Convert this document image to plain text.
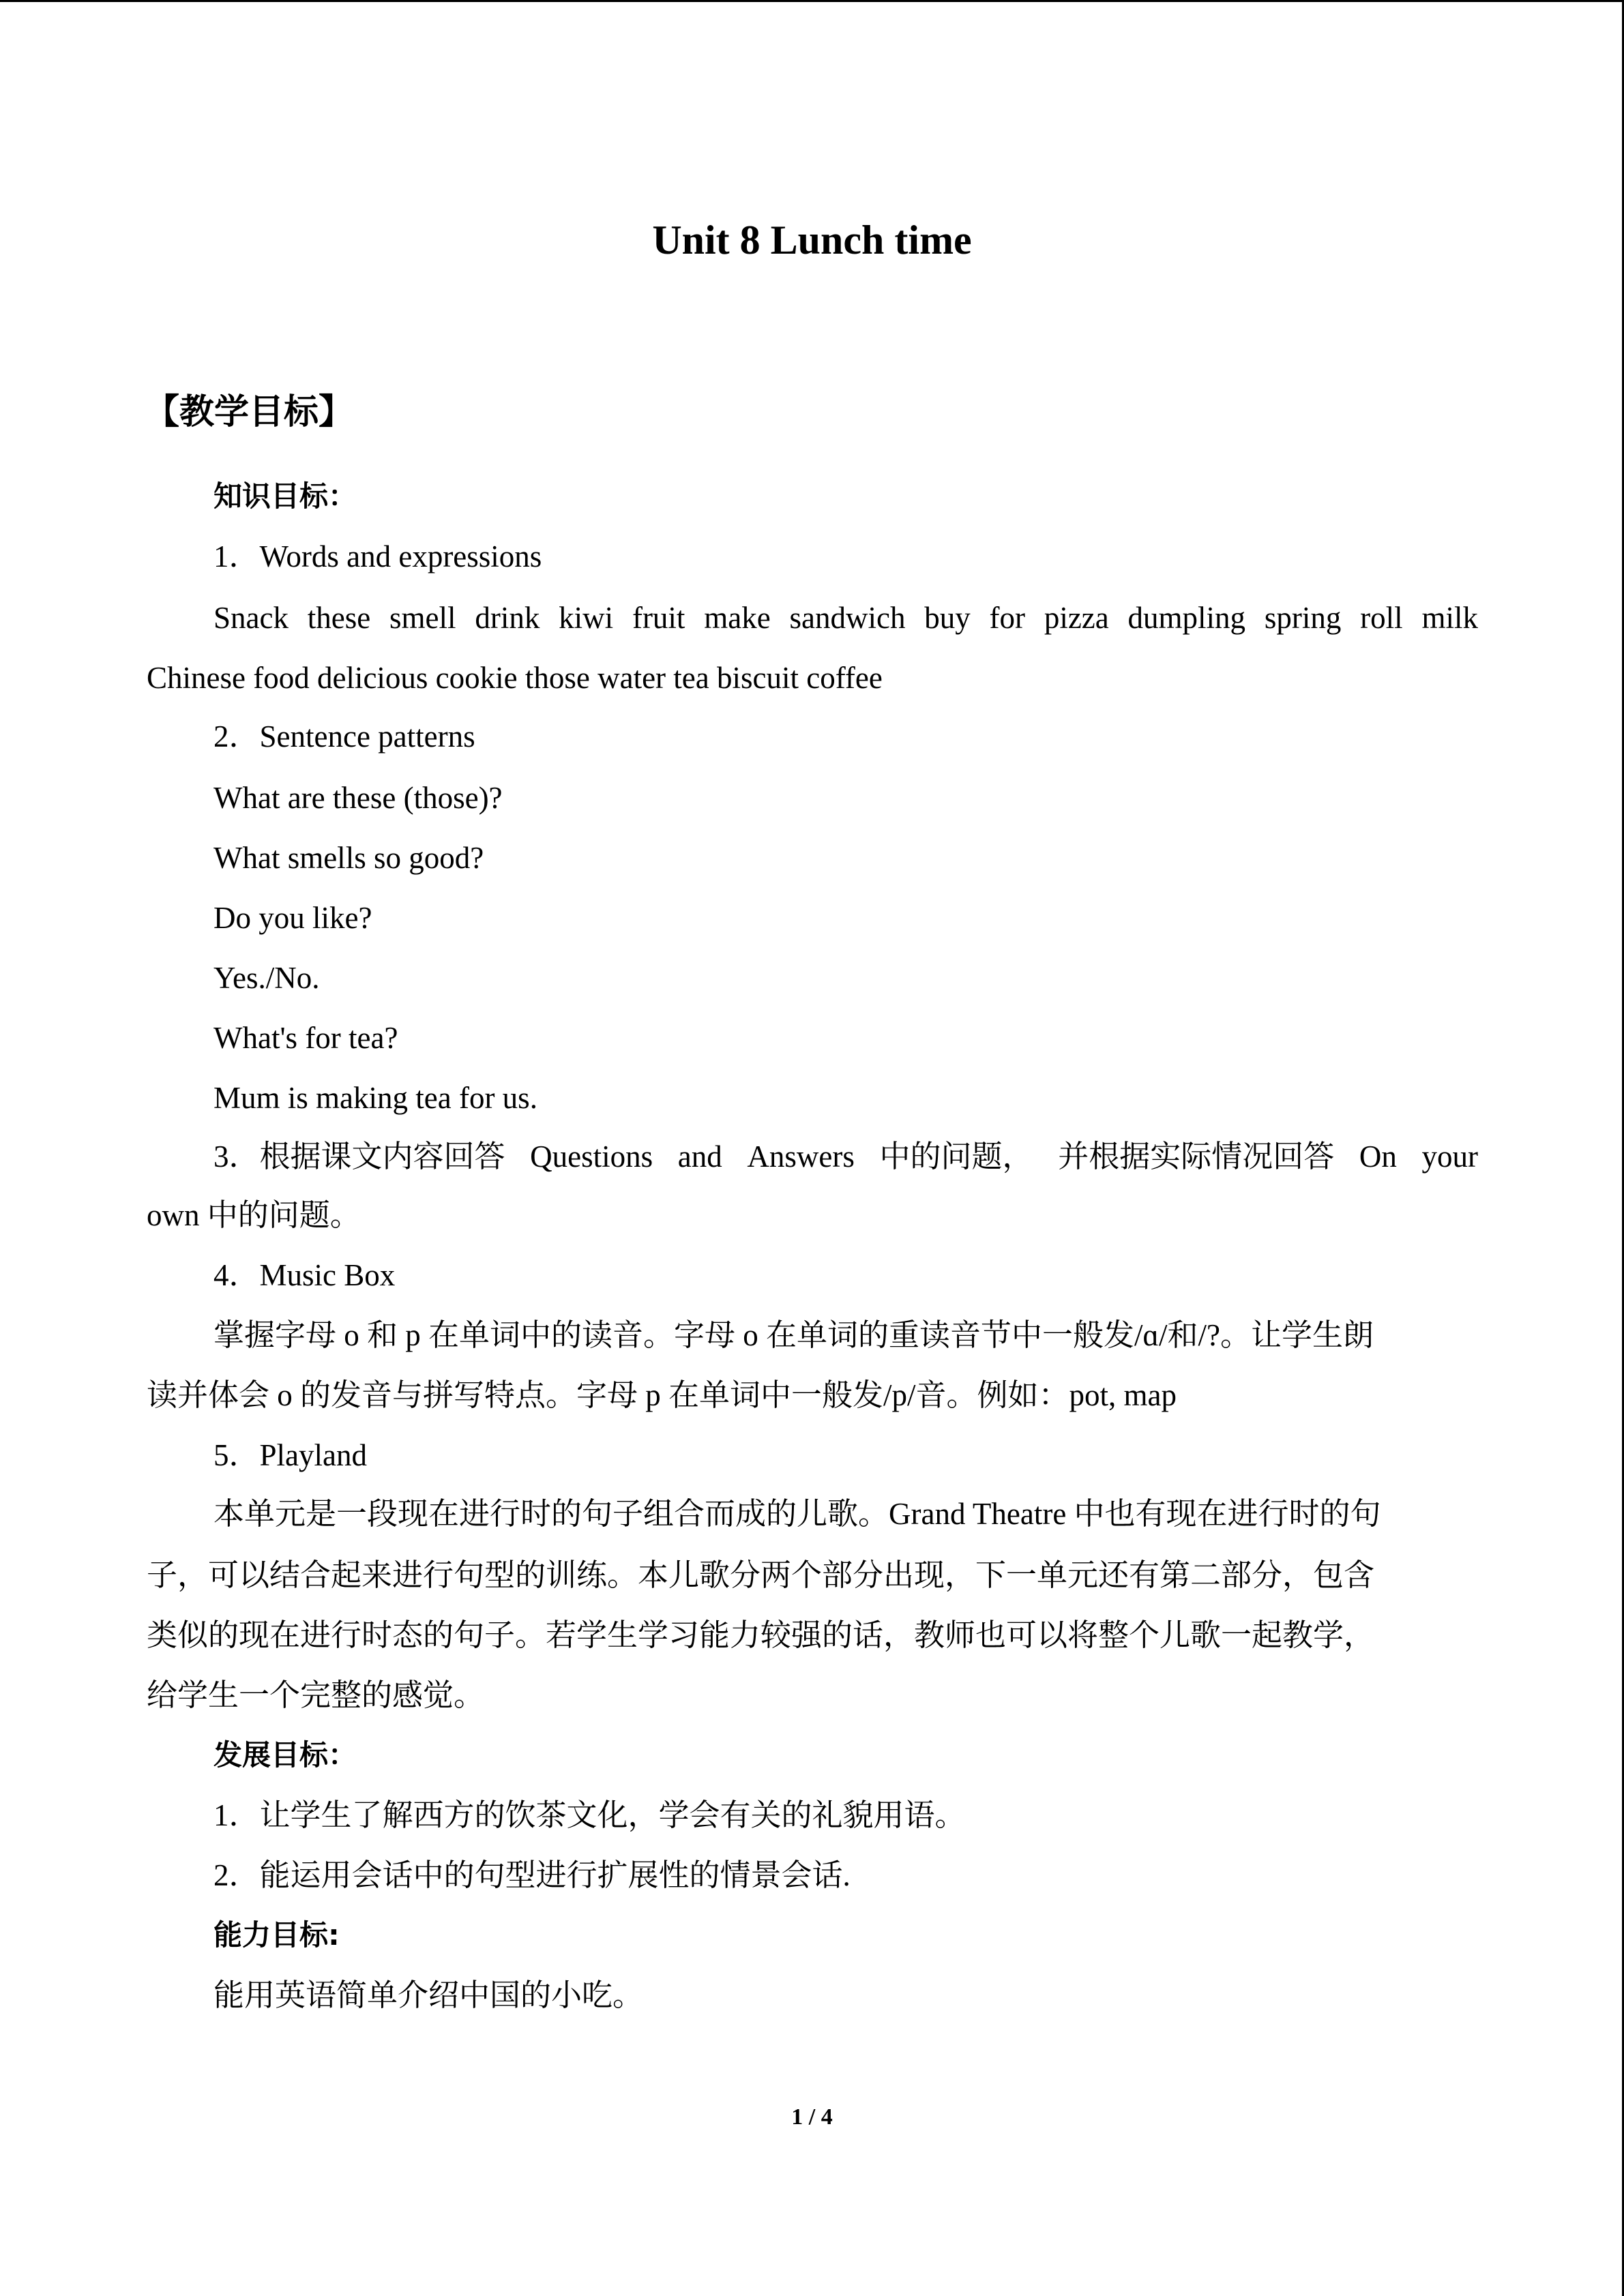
Unit 8 Lunch time
【教学目标】
知识目标：
1．Words and expressions
Snack these smell drink kiwi fruit make sandwich buy for pizza dumpling spring roll milk
Chinese food delicious cookie those water tea biscuit coffee
2．Sentence patterns
What are these (those)?
What smells so good?
Do you like?
Yes./No.
What's for tea?
Mum is making tea for us.
3．根据课文内容回答 Questions and Answers 中的问题， 并根据实际情况回答 On your
own 中的问题。
4．Music Box
掌握字母 o 和 p 在单词中的读音。字母 o 在单词的重读音节中一般发/ɑ/和/?。让学生朗
读并体会 o 的发音与拼写特点。字母 p 在单词中一般发/p/音。例如：pot, map
5．Playland
本单元是一段现在进行时的句子组合而成的儿歌。Grand Theatre 中也有现在进行时的句
子，可以结合起来进行句型的训练。本儿歌分两个部分出现，下一单元还有第二部分，包含
类似的现在进行时态的句子。若学生学习能力较强的话，教师也可以将整个儿歌一起教学，
给学生一个完整的感觉。
发展目标：
1．让学生了解西方的饮茶文化，学会有关的礼貌用语。
2．能运用会话中的句型进行扩展性的情景会话.
能力目标:
能用英语简单介绍中国的小吃。
1 / 4
